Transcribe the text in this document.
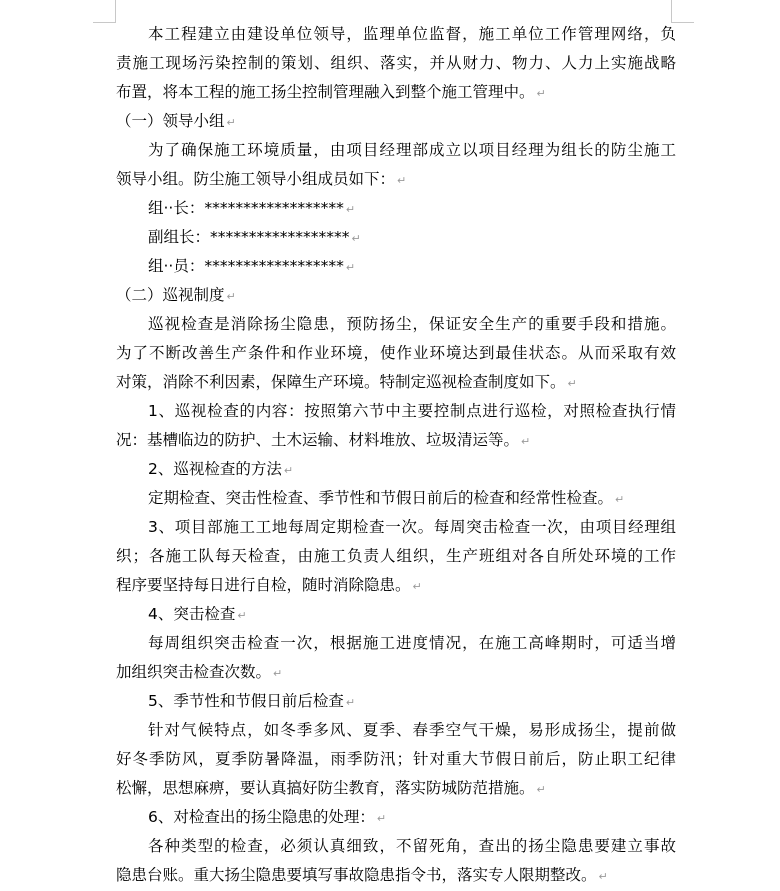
本工程建立由建设单位领导，监理单位监督，施工单位工作管理网络，负
责施工现场污染控制的策划、组织、落实，并从财力、物力、人力上实施战略
布置，将本工程的施工扬尘控制管理融入到整个施工管理中。 ↵
（一）领导小组 ↵
为了确保施工环境质量，由项目经理部成立以项目经理为组长的防尘施工
领导小组。防尘施工领导小组成员如下： ↵
组··长：****************** ↵
副组长：****************** ↵
组··员：****************** ↵
（二）巡视制度 ↵
巡视检查是消除扬尘隐患，预防扬尘，保证安全生产的重要手段和措施。
为了不断改善生产条件和作业环境，使作业环境达到最佳状态。从而采取有效
对策，消除不利因素，保障生产环境。特制定巡视检查制度如下。 ↵
1、巡视检查的内容：按照第六节中主要控制点进行巡检，对照检查执行情
况：基槽临边的防护、土木运输、材料堆放、垃圾清运等。 ↵
2、巡视检查的方法 ↵
定期检查、突击性检查、季节性和节假日前后的检查和经常性检查。 ↵
3、项目部施工工地每周定期检查一次。每周突击检查一次，由项目经理组
织；各施工队每天检查，由施工负责人组织，生产班组对各自所处环境的工作
程序要坚持每日进行自检，随时消除隐患。 ↵
4、突击检查 ↵
每周组织突击检查一次，根据施工进度情况，在施工高峰期时，可适当增
加组织突击检查次数。 ↵
5、季节性和节假日前后检查 ↵
针对气候特点，如冬季多风、夏季、春季空气干燥，易形成扬尘，提前做
好冬季防风，夏季防暑降温，雨季防汛；针对重大节假日前后，防止职工纪律
松懈，思想麻痹，要认真搞好防尘教育，落实防城防范措施。 ↵
6、对检查出的扬尘隐患的处理： ↵
各种类型的检查，必须认真细致，不留死角，查出的扬尘隐患要建立事故
隐患台账。重大扬尘隐患要填写事故隐患指令书，落实专人限期整改。 ↵
